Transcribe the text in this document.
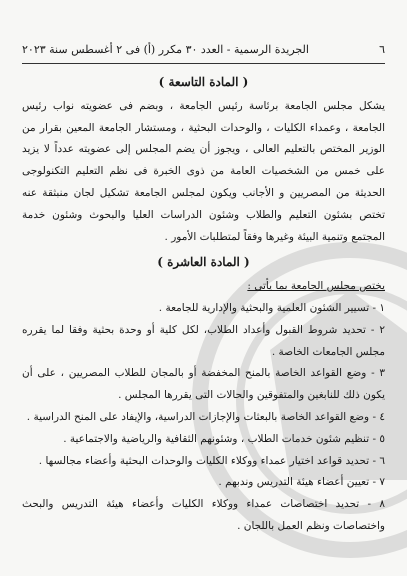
٦
الجريدة الرسمية - العدد ٣٠ مكرر (أ) فى ٢ أغسطس سنة ٢٠٢٣

( المادة التاسعة )

يشكل مجلس الجامعة برئاسة رئيس الجامعة ، وبضم فى عضويته نواب رئيس الجامعة ، وعمداء الكليات ، والوحدات البحثية ، ومستشار الجامعة المعين بقرار من الوزير المختص بالتعليم العالى ، ويجوز أن يضم المجلس إلى عضويته عدداً لا يزيد على خمس من الشخصيات العامة من ذوى الخبرة فى نظم التعليم التكنولوجى الحديثة من المصريين و الأجانب ويكون لمجلس الجامعة تشكيل لجان منبثقة عنه تختص بشئون التعليم والطلاب وشئون الدراسات العليا والبحوث وشئون خدمة المجتمع وتنمية البيئة وغيرها وفقاً لمتطلبات الأمور .

( المادة العاشرة )

يختص مجلس الجامعة بما يأتى :

١ - تسيير الشئون العلمية والبحثية والإدارية للجامعة .

٢ - تحديد شروط القبول وأعداد الطلاب، لكل كلية أو وحدة بحثية وفقا لما يقرره مجلس الجامعات الخاصة .

٣ - وضع القواعد الخاصة بالمنح المخفضة أو بالمجان للطلاب المصريين ، على أن يكون ذلك للنابغين والمتفوقين والحالات التى يقررها المجلس .

٤ - وضع القواعد الخاصة بالبعثات والإجازات الدراسية، والإيفاد على المنح الدراسية .

٥ - تنظيم شئون خدمات الطلاب ، وشئونهم الثقافية والرياضية والاجتماعية .

٦ - تحديد قواعد اختيار عمداء ووكلاء الكليات والوحدات البحثية وأعضاء مجالسها .

٧ - تعيين أعضاء هيئة التدريس وندبهم .

٨ - تحديد اختصاصات عمداء ووكلاء الكليات وأعضاء هيئة التدريس والبحث واختصاصات ونظم العمل باللجان .
